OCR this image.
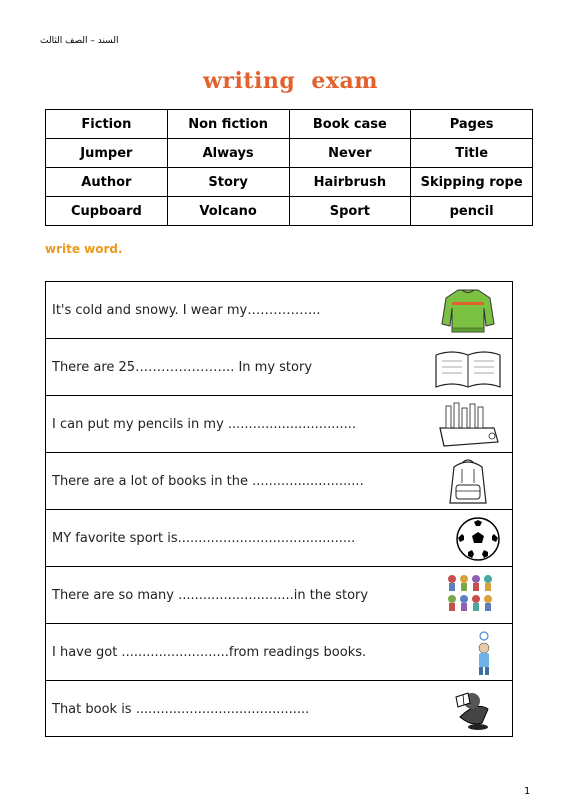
السند – الصف الثالث
writing exam
Fiction	Non fiction	Book case	Pages
Jumper	Always	Never	Title
Author	Story	Hairbrush	Skipping rope
Cupboard	Volcano	Sport	pencil
write word.
It's cold and snowy. I wear my……………..
There are 25………………….. In my story
I can put my pencils in my ...............................
There are a lot of books in the ...........................
MY favorite sport is...........................................
There are so many ............................in the story
I have got ..........................from readings books.
That book is ..........................................
1
